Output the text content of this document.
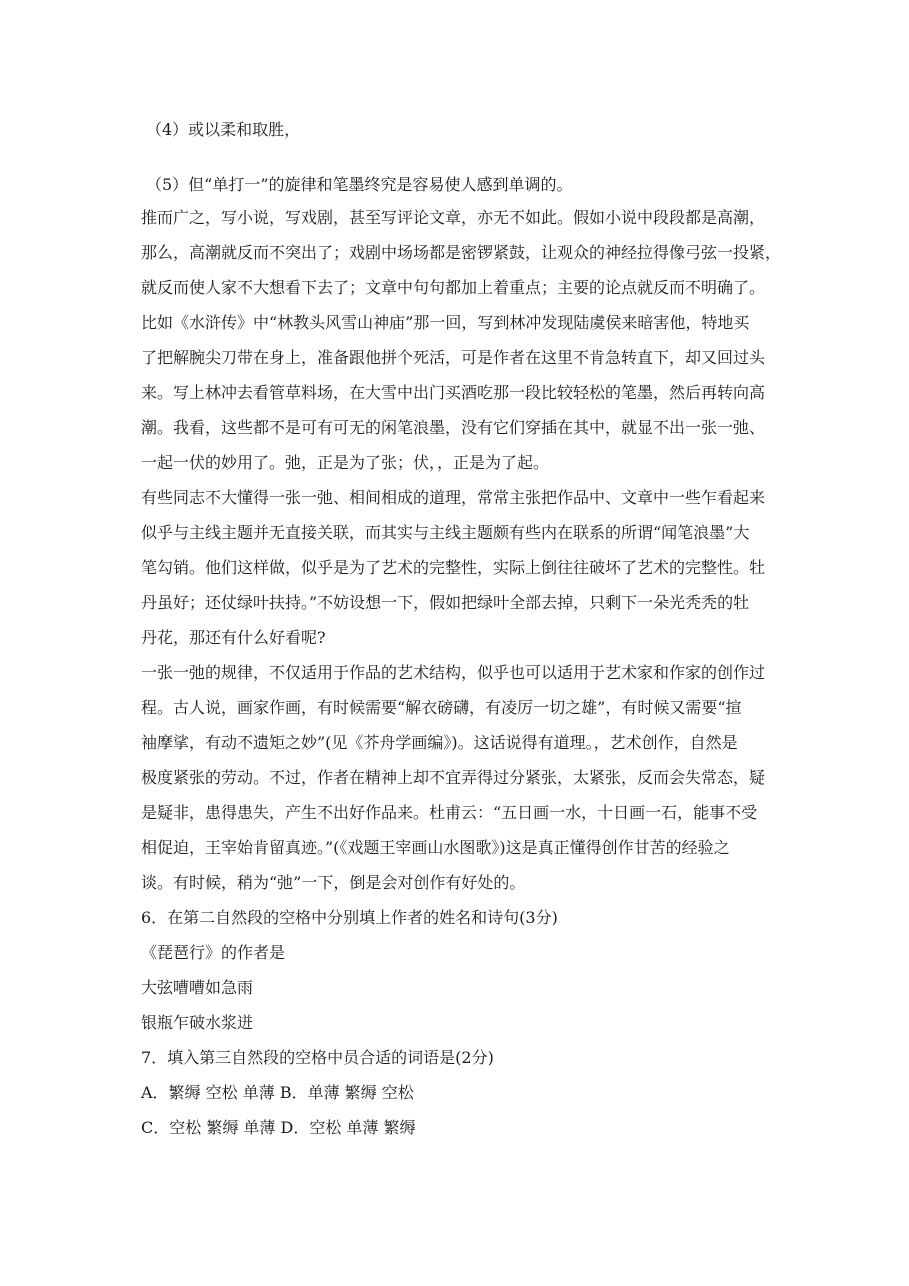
（4）或以柔和取胜，
（5）但“单打一”的旋律和笔墨终究是容易使人感到单调的。
推而广之，写小说，写戏剧，甚至写评论文章，亦无不如此。假如小说中段段都是高潮，
那么，高潮就反而不突出了；戏剧中场场都是密锣紧鼓，让观众的神经拉得像弓弦一投紧，
就反而使人家不大想看下去了；文章中句句都加上着重点；主要的论点就反而不明确了。
比如《水浒传》中“林教头风雪山神庙”那一回，写到林冲发现陆虞侯来暗害他，特地买
了把解腕尖刀带在身上，准备跟他拼个死活，可是作者在这里不肯急转直下，却又回过头
来。写上林冲去看管草料场，在大雪中出门买酒吃那一段比较轻松的笔墨，然后再转向高
潮。我看，这些都不是可有可无的闲笔浪墨，没有它们穿插在其中，就显不出一张一弛、
一起一伏的妙用了。弛，正是为了张；伏，，正是为了起。
有些同志不大懂得一张一弛、相间相成的道理，常常主张把作品中、文章中一些乍看起来
似乎与主线主题并无直接关联，而其实与主线主题颇有些内在联系的所谓“闻笔浪墨”大
笔勾销。他们这样做，似乎是为了艺术的完整性，实际上倒往往破坏了艺术的完整性。牡
丹虽好；还仗绿叶扶持。”不妨设想一下，假如把绿叶全部去掉，只剩下一朵光秃秃的牡
丹花，那还有什么好看呢?
一张一弛的规律，不仅适用于作品的艺术结构，似乎也可以适用于艺术家和作家的创作过
程。古人说，画家作画，有时候需要“解衣磅礴，有凌厉一切之雄”，有时候又需要“揎
袖摩挲，有动不遗矩之妙”(见《芥舟学画编》)。这话说得有道理。，艺术创作，自然是
极度紧张的劳动。不过，作者在精神上却不宜弄得过分紧张，太紧张，反而会失常态，疑
是疑非，患得患失，产生不出好作品来。杜甫云：“五日画一水，十日画一石，能事不受
相促迫，王宰始肯留真迹。”(《戏题王宰画山水图歌》)这是真正懂得创作甘苦的经验之
谈。有时候，稍为“弛”一下，倒是会对创作有好处的。
6．在第二自然段的空格中分别填上作者的姓名和诗句(3分)
《琵琶行》的作者是
大弦嘈嘈如急雨
银瓶乍破水浆迸
7．填入第三自然段的空格中员合适的词语是(2分)
A．繁缛 空松 单薄 B．单薄 繁缛 空松
C．空松 繁缛 单薄 D．空松 单薄 繁缛
